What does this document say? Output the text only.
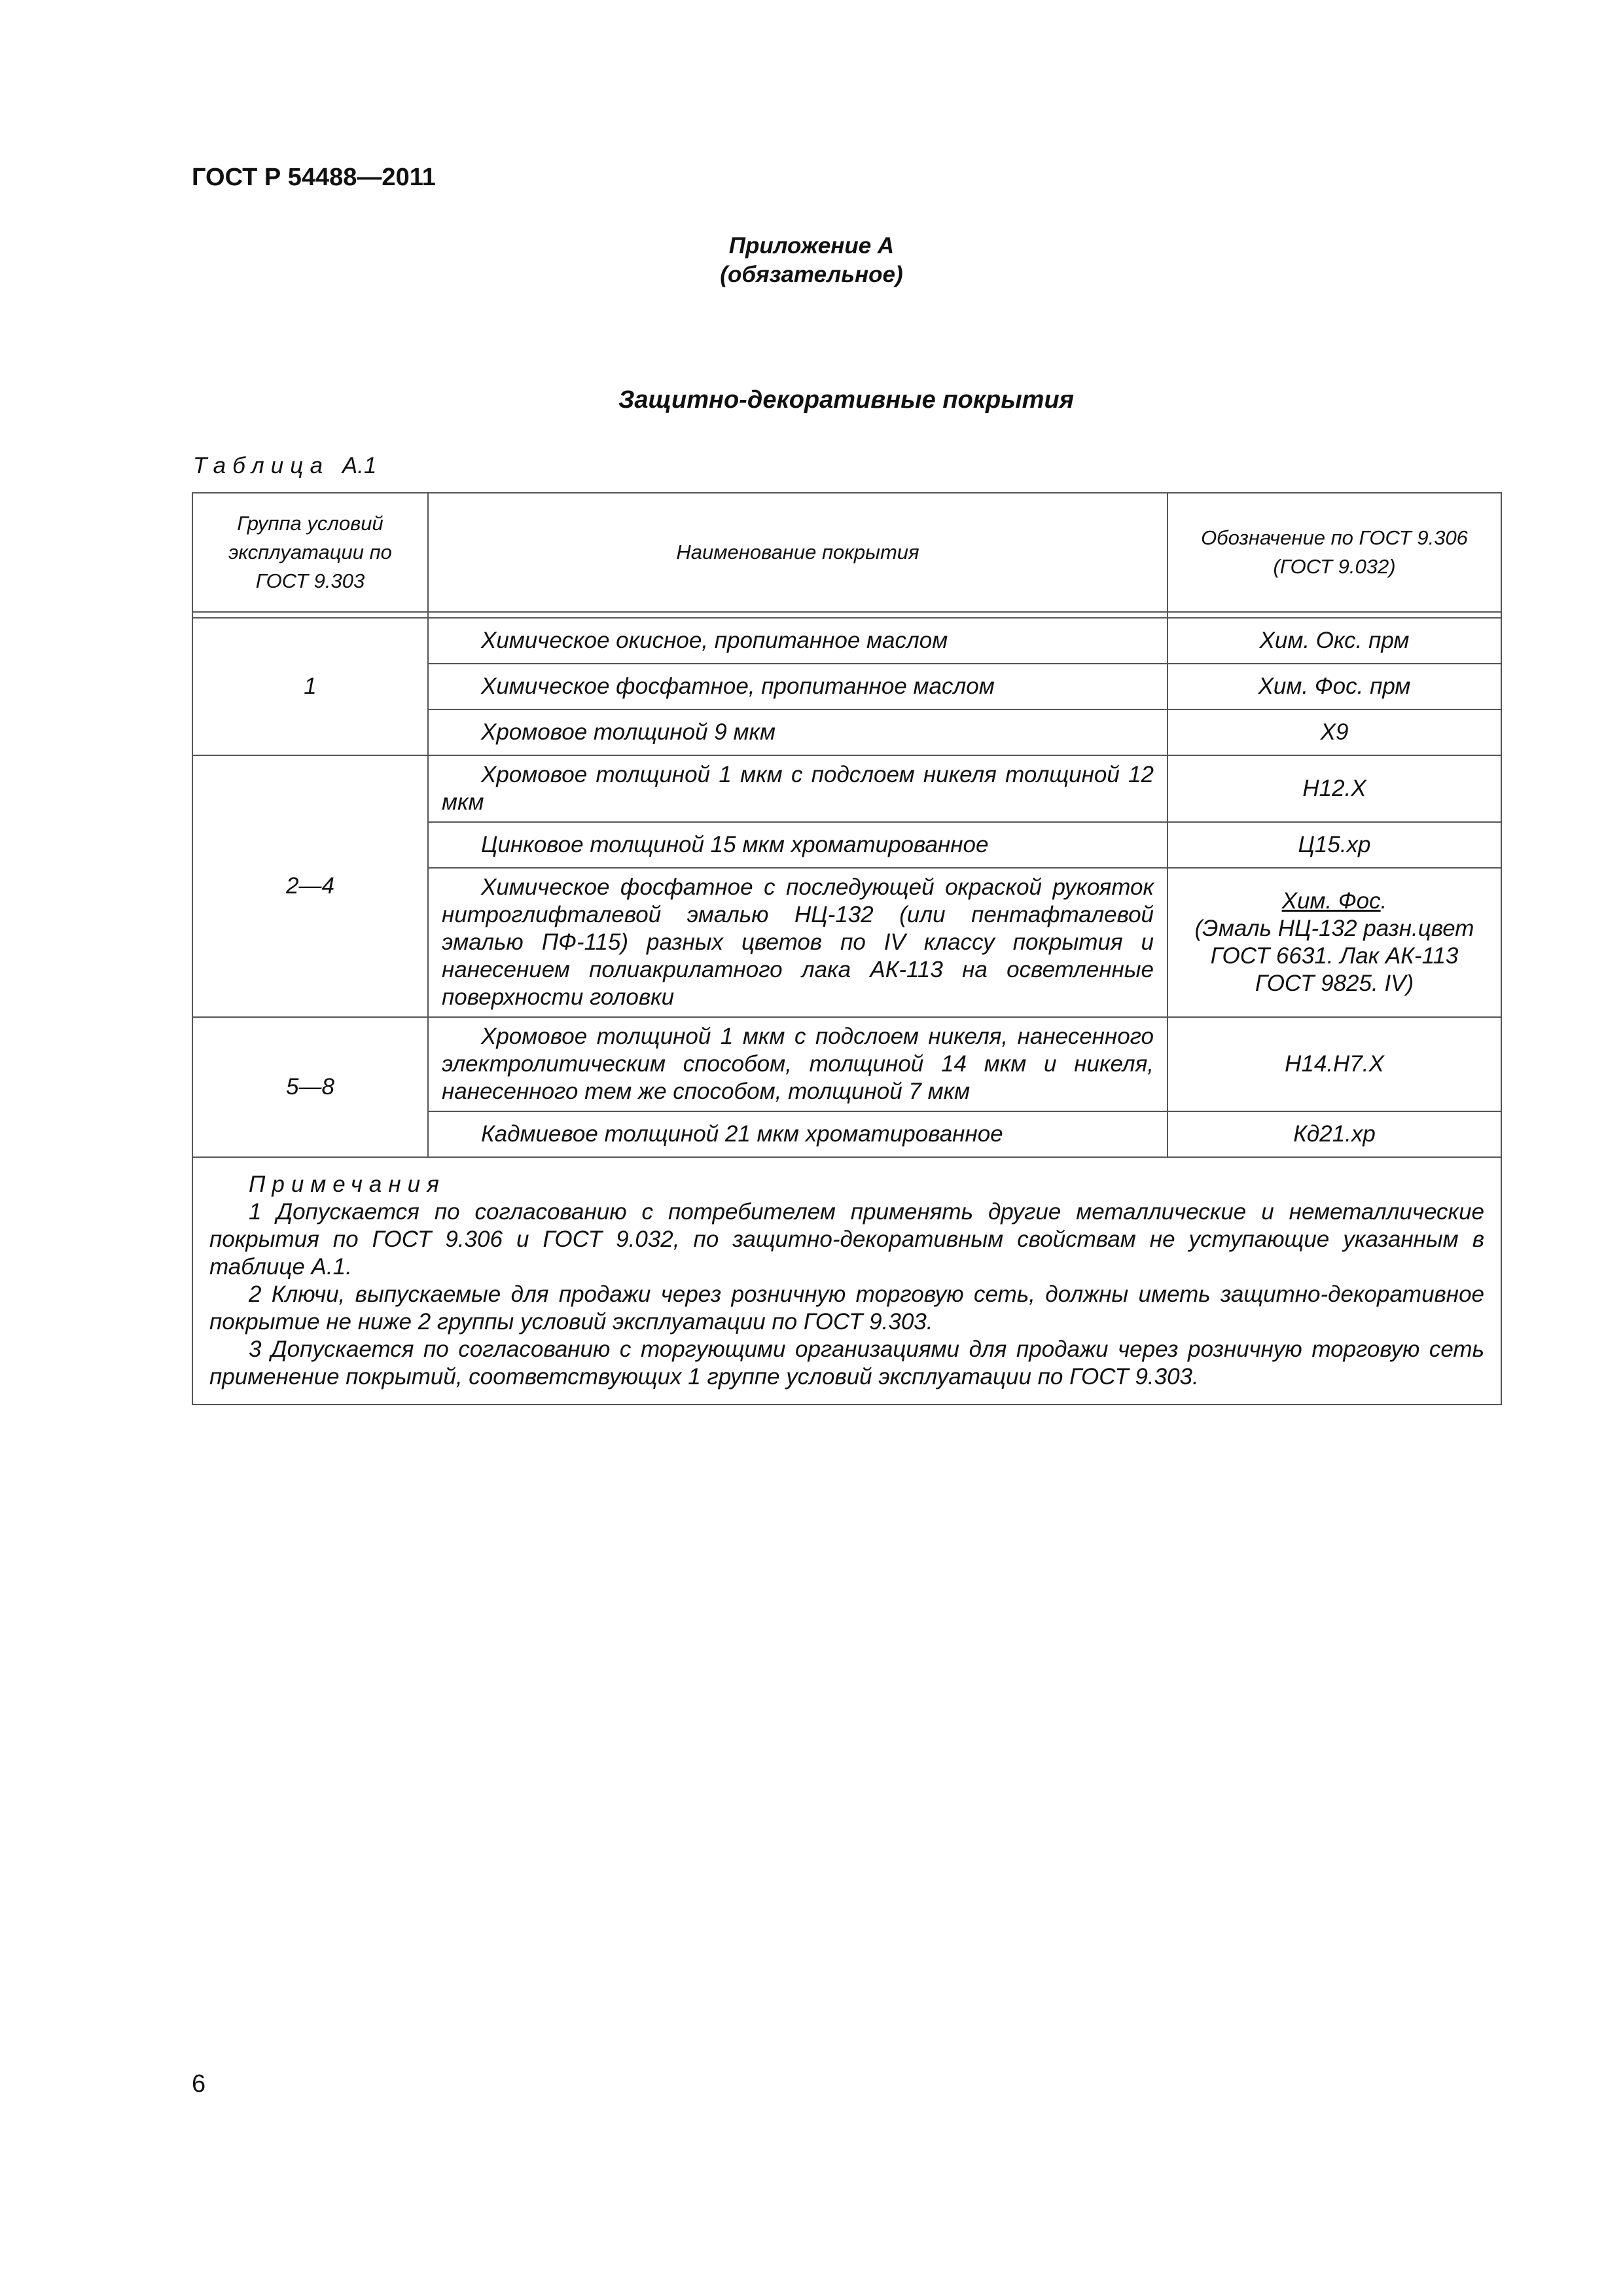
ГОСТ Р 54488—2011

Приложение А
(обязательное)
Защитно-декоративные покрытия
Таблица А.1
Группа условий эксплуатации по ГОСТ 9.303	Наименование покрытия	Обозначение по ГОСТ 9.306 (ГОСТ 9.032)

1	Химическое окисное, пропитанное маслом	Хим. Окс. прм

	Химическое фосфатное, пропитанное маслом	Хим. Фос. прм

	Хромовое толщиной 9 мкм	Х9
2—4	Хромовое толщиной 1 мкм с подслоем никеля толщиной 12 мкм	Н12.Х

	Цинковое толщиной 15 мкм хроматированное	Ц15.хр

	Химическое фосфатное с последующей окраской рукояток нитроглифталевой эмалью НЦ-132 (или пентафталевой эмалью ПФ-115) разных цветов по IV классу покрытия и нанесением полиакрилатного лака АК-113 на осветленные поверхности головки	Хим. Фос.
(Эмаль НЦ-132 разн.цвет ГОСТ 6631. Лак АК-113 ГОСТ 9825. IV)

5—8	Хромовое толщиной 1 мкм с подслоем никеля, нанесенного электролитическим способом, толщиной 14 мкм и никеля, нанесенного тем же способом, толщиной 7 мкм	Н14.Н7.Х

	Кадмиевое толщиной 21 мкм хроматированное	Кд21.хр

Примечания
1 Допускается по согласованию с потребителем применять другие металлические и неметаллические покрытия по ГОСТ 9.306 и ГОСТ 9.032, по защитно-декоративным свойствам не уступающие указанным в таблице А.1.
2 Ключи, выпускаемые для продажи через розничную торговую сеть, должны иметь защитно-декоративное покрытие не ниже 2 группы условий эксплуатации по ГОСТ 9.303.
3 Допускается по согласованию с торгующими организациями для продажи через розничную торговую сеть применение покрытий, соответствующих 1 группе условий эксплуатации по ГОСТ 9.303.		
6
